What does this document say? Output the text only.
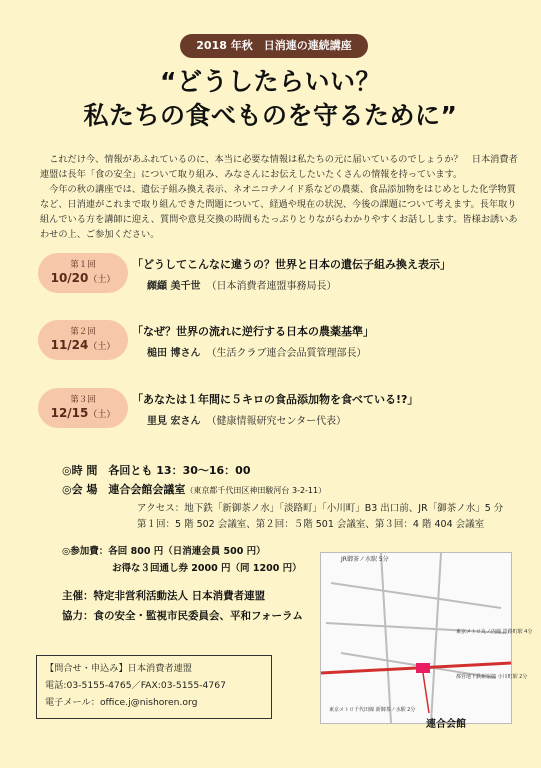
2018 年秋　日消連の連続講座
“どうしたらいい？
私たちの食べものを守るために”

これだけ今、情報があふれているのに、本当に必要な情報は私たちの元に届いているのでしょうか？　日本消費者連盟は長年「食の安全」について取り組み、みなさんにお伝えしたいたくさんの情報を持っています。

今年の秋の講座では、遺伝子組み換え表示、ネオニコチノイド系などの農薬、食品添加物をはじめとした化学物質など、日消連がこれまで取り組んできた問題について、経過や現在の状況、今後の課題について考えます。長年取り組んでいる方を講師に迎え、質問や意見交換の時間もたっぷりとりながらわかりやすくお話しします。皆様お誘いあわせの上、ご参加ください。

第１回
10/20（土）
「どうしてこんなに違うの？世界と日本の遺伝子組み換え表示」
纐纈 美千世 （日本消費者連盟事務局長）
第２回
11/24（土）
「なぜ？世界の流れに逆行する日本の農薬基準」
槌田 博さん （生活クラブ連合会品質管理部長）
第３回
12/15（土）
「あなたは１年間に５キロの食品添加物を食べている!?」
里見 宏さん （健康情報研究センター代表）
◎時 間　各回とも 13：30〜16：00
◎会 場　連合会館会議室（東京都千代田区神田駿河台 3-2-11）
アクセス：地下鉄「新御茶ノ水」「淡路町」「小川町」B3 出口前、JR「御茶ノ水」5 分
第１回：5 階 502 会議室、第２回：５階 501 会議室、第３回：4 階 404 会議室
◎参加費：各回 800 円（日消連会員 500 円）
お得な３回通し券 2000 円（同 1200 円）
主催：特定非営利活動法人 日本消費者連盟
協力：食の安全・監視市民委員会、平和フォーラム
【問合せ・申込み】日本消費者連盟
電話:03-5155-4765／FAX:03-5155-4767
電子メール：office.j@nishoren.org
JR御茶ノ水駅 5分
東京メトロ丸ノ内線 淡路町駅 4分
都営地下鉄新宿線 小川町駅 2分
東京メトロ千代田線 新御茶ノ水駅 2分
連合会館
